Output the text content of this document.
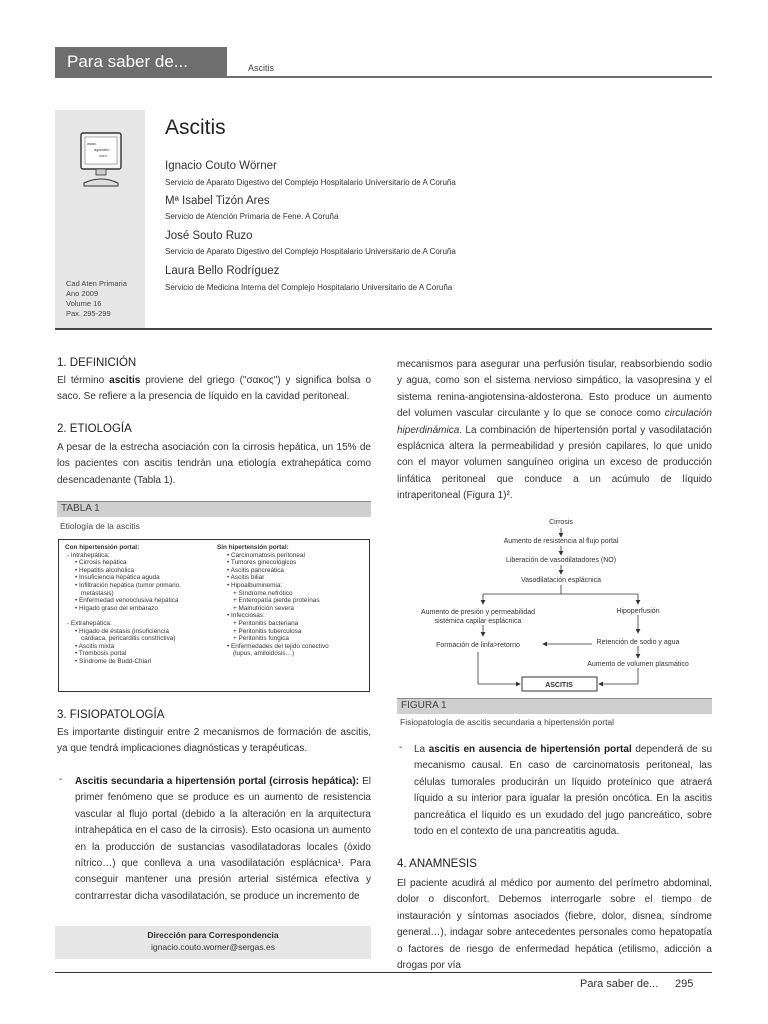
Para saber de...	Ascitis
www.
agamfec
.com
Cad Aten Primaria
Ano 2009
Volume 16
Pax. 295-299
Ascitis
Ignacio Couto Wörner
Servicio de Aparato Digestivo del Complejo Hospitalario Universitario de A Coruña
Mª Isabel Tizón Ares
Servicio de Atención Primaria de Fene. A Coruña
José Souto Ruzo
Servicio de Aparato Digestivo del Complejo Hospitalario Universitario de A Coruña
Laura Bello Rodríguez
Servicio de Medicina Interna del Complejo Hospitalario Universitario de A Coruña
1. DEFINICIÓN
El término ascitis proviene del griego ("σακος") y significa bolsa o saco. Se refiere a la presencia de líquido en la cavidad peritoneal.
2. ETIOLOGÍA
A pesar de la estrecha asociación con la cirrosis hepática, un 15% de los pacientes con ascitis tendrán una etiología extrahepática como desencadenante (Tabla 1).
TABLA 1
Etiología de la ascitis
Con hipertensión portal:
- Intrahepática:
• Cirrosis hepática
• Hepatitis alcohólica
• Insuficiencia hepática aguda
• Infiltración hepática (tumor primario,
metástasis)
• Enfermedad venooclusiva hepática
• Hígado graso del embarazo

- Extrahepática:
• Hígado de éstasis (insuficiencia
cardiaca, pericarditis constrictiva)
• Ascitis mixta
• Trombosis portal
• Síndrome de Budd-Chiari
Sin hipertensión portal:
• Carcinomatosis peritoneal
• Tumores ginecológicos
• Ascitis pancreática
• Ascitis biliar
• Hipoalbuminemia:
+ Síndrome nefrótico
+ Enteropatía pierde proteínas
+ Malnutrición severa
• Infecciosas:
+ Peritonitis bacteriana
+ Peritonitis tuberculosa
+ Peritonitis fúngica
• Enfermedades del tejido conectivo
(lupus, amiloidosis…)
3. FISIOPATOLOGÍA
Es importante distinguir entre 2 mecanismos de formación de ascitis, ya que tendrá implicaciones diagnósticas y terapéuticas.
- Ascitis secundaria a hipertensión portal (cirrosis hepática): El primer fenómeno que se produce es un aumento de resistencia vascular al flujo portal (debido a la alteración en la arquitectura intrahepática en el caso de la cirrosis). Esto ocasiona un aumento en la producción de sustancias vasodilatadoras locales (óxido nítrico…) que conlleva a una vasodilatación esplácnica¹. Para conseguir mantener una presión arterial sistémica efectiva y contrarrestar dicha vasodilatación, se produce un incremento de
Dirección para Correspondencia
ignacio.couto.worner@sergas.es
mecanismos para asegurar una perfusión tisular, reabsorbiendo sodio y agua, como son el sistema nervioso simpático, la vasopresina y el sistema renina-angiotensina-aldosterona. Esto produce un aumento del volumen vascular circulante y lo que se conoce como circulación hiperdinámica. La combinación de hipertensión portal y vasodilatación esplácnica altera la permeabilidad y presión capilares, lo que unido con el mayor volumen sanguíneo origina un exceso de producción linfática peritoneal que conduce a un acúmulo de líquido intraperitoneal (Figura 1)².
Cirrosis
Aumento de resistencia al flujo portal
Liberación de vasodilatadores (NO)
Vasodilatación esplácnica
Aumento de presión y permeabilidad
sistémica capilar esplácnica
Hipoperfusión
Formación de linfa>retorno	Retención de sodio y agua
Aumento de volumen plasmático
ASCITIS
FIGURA 1
Fisiopatología de ascitis secundaria a hipertensión portal
- La ascitis en ausencia de hipertensión portal dependerá de su mecanismo causal. En caso de carcinomatosis peritoneal, las células tumorales producirán un líquido proteínico que atraerá líquido a su interior para igualar la presión oncótica. En la ascitis pancreática el líquido es un exudado del jugo pancreático, sobre todo en el contexto de una pancreatitis aguda.
4. ANAMNESIS
El paciente acudirá al médico por aumento del perímetro abdominal, dolor o disconfort. Debemos interrogarle sobre el tiempo de instauración y síntomas asociados (fiebre, dolor, disnea, síndrome general…), indagar sobre antecedentes personales como hepatopatía o factores de riesgo de enfermedad hepática (etilismo, adicción a drogas por vía
Para saber de... 295
